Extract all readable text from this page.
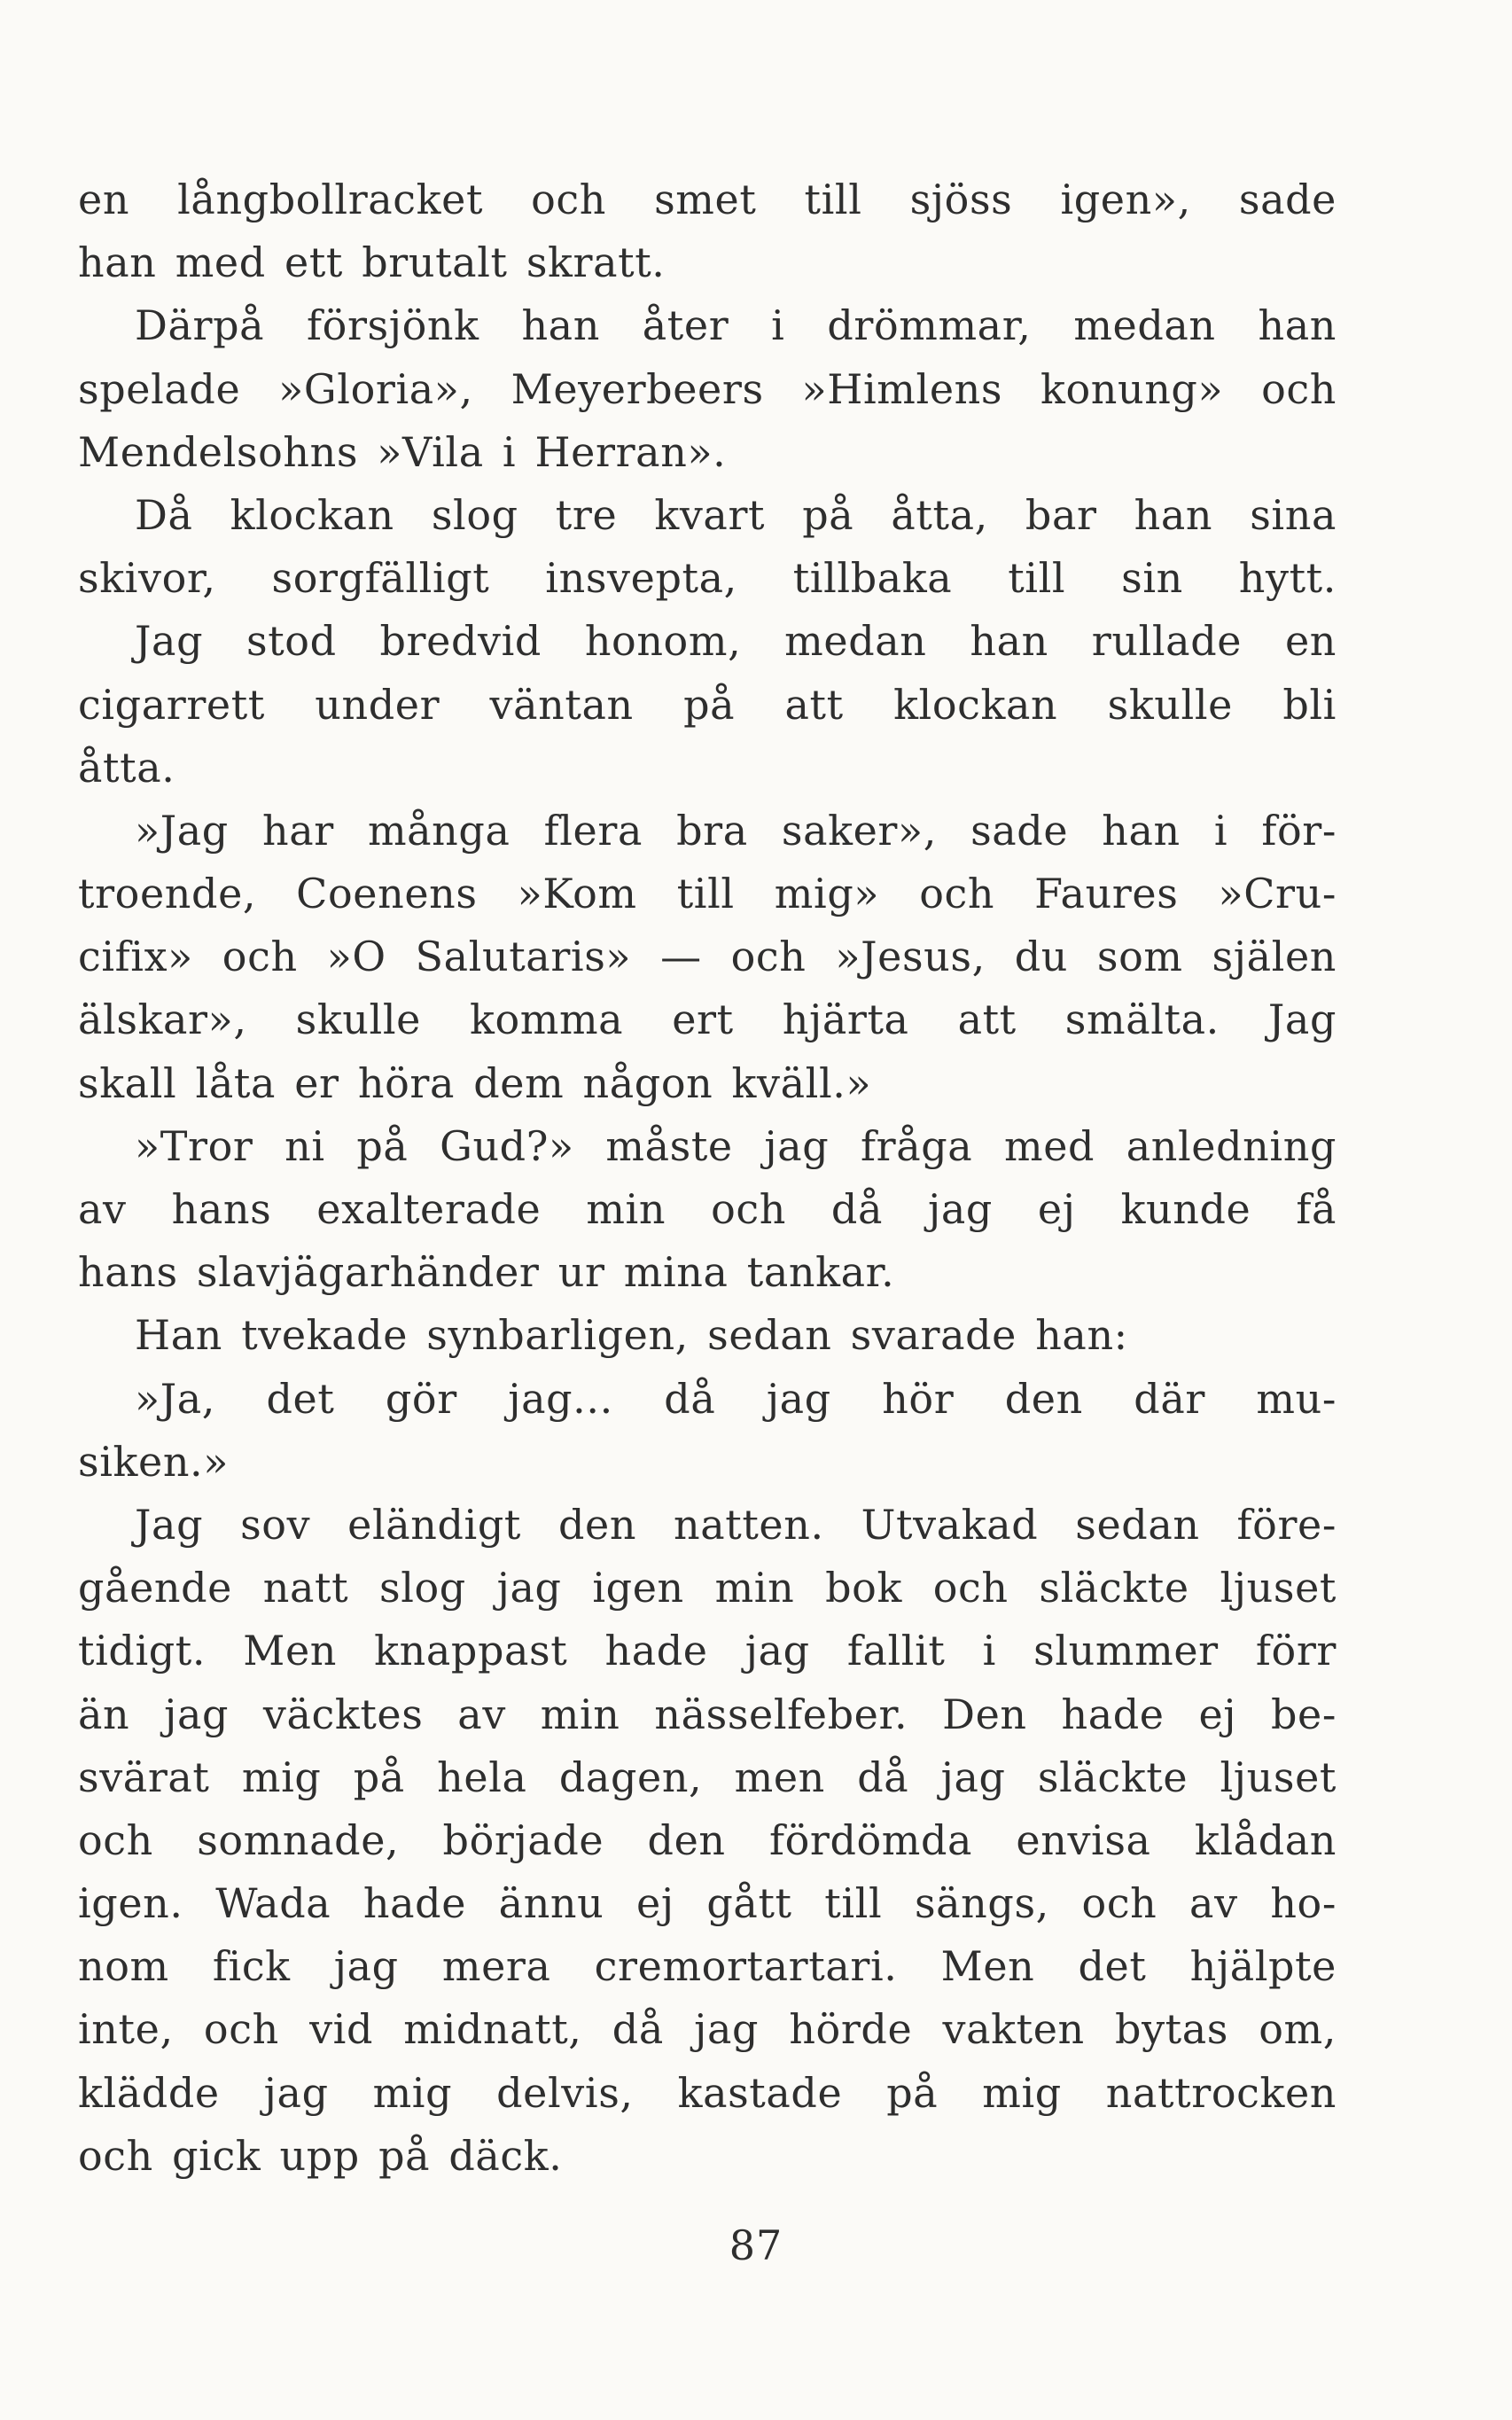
en långbollracket och smet till sjöss igen», sade
han med ett brutalt skratt.
Därpå försjönk han åter i drömmar, medan han
spelade »Gloria», Meyerbeers »Himlens konung» och
Mendelsohns »Vila i Herran».
Då klockan slog tre kvart på åtta, bar han sina
skivor, sorgfälligt insvepta, tillbaka till sin hytt.
Jag stod bredvid honom, medan han rullade en
cigarrett under väntan på att klockan skulle bli
åtta.
»Jag har många flera bra saker», sade han i för-
troende, Coenens »Kom till mig» och Faures »Cru-
cifix» och »O Salutaris» — och »Jesus, du som själen
älskar», skulle komma ert hjärta att smälta. Jag
skall låta er höra dem någon kväll.»
»Tror ni på Gud?» måste jag fråga med anledning
av hans exalterade min och då jag ej kunde få
hans slavjägarhänder ur mina tankar.
Han tvekade synbarligen, sedan svarade han:
»Ja, det gör jag... då jag hör den där mu-
siken.»
Jag sov eländigt den natten. Utvakad sedan före-
gående natt slog jag igen min bok och släckte ljuset
tidigt. Men knappast hade jag fallit i slummer förr
än jag väcktes av min nässelfeber. Den hade ej be-
svärat mig på hela dagen, men då jag släckte ljuset
och somnade, började den fördömda envisa klådan
igen. Wada hade ännu ej gått till sängs, och av ho-
nom fick jag mera cremortartari. Men det hjälpte
inte, och vid midnatt, då jag hörde vakten bytas om,
klädde jag mig delvis, kastade på mig nattrocken
och gick upp på däck.
87
